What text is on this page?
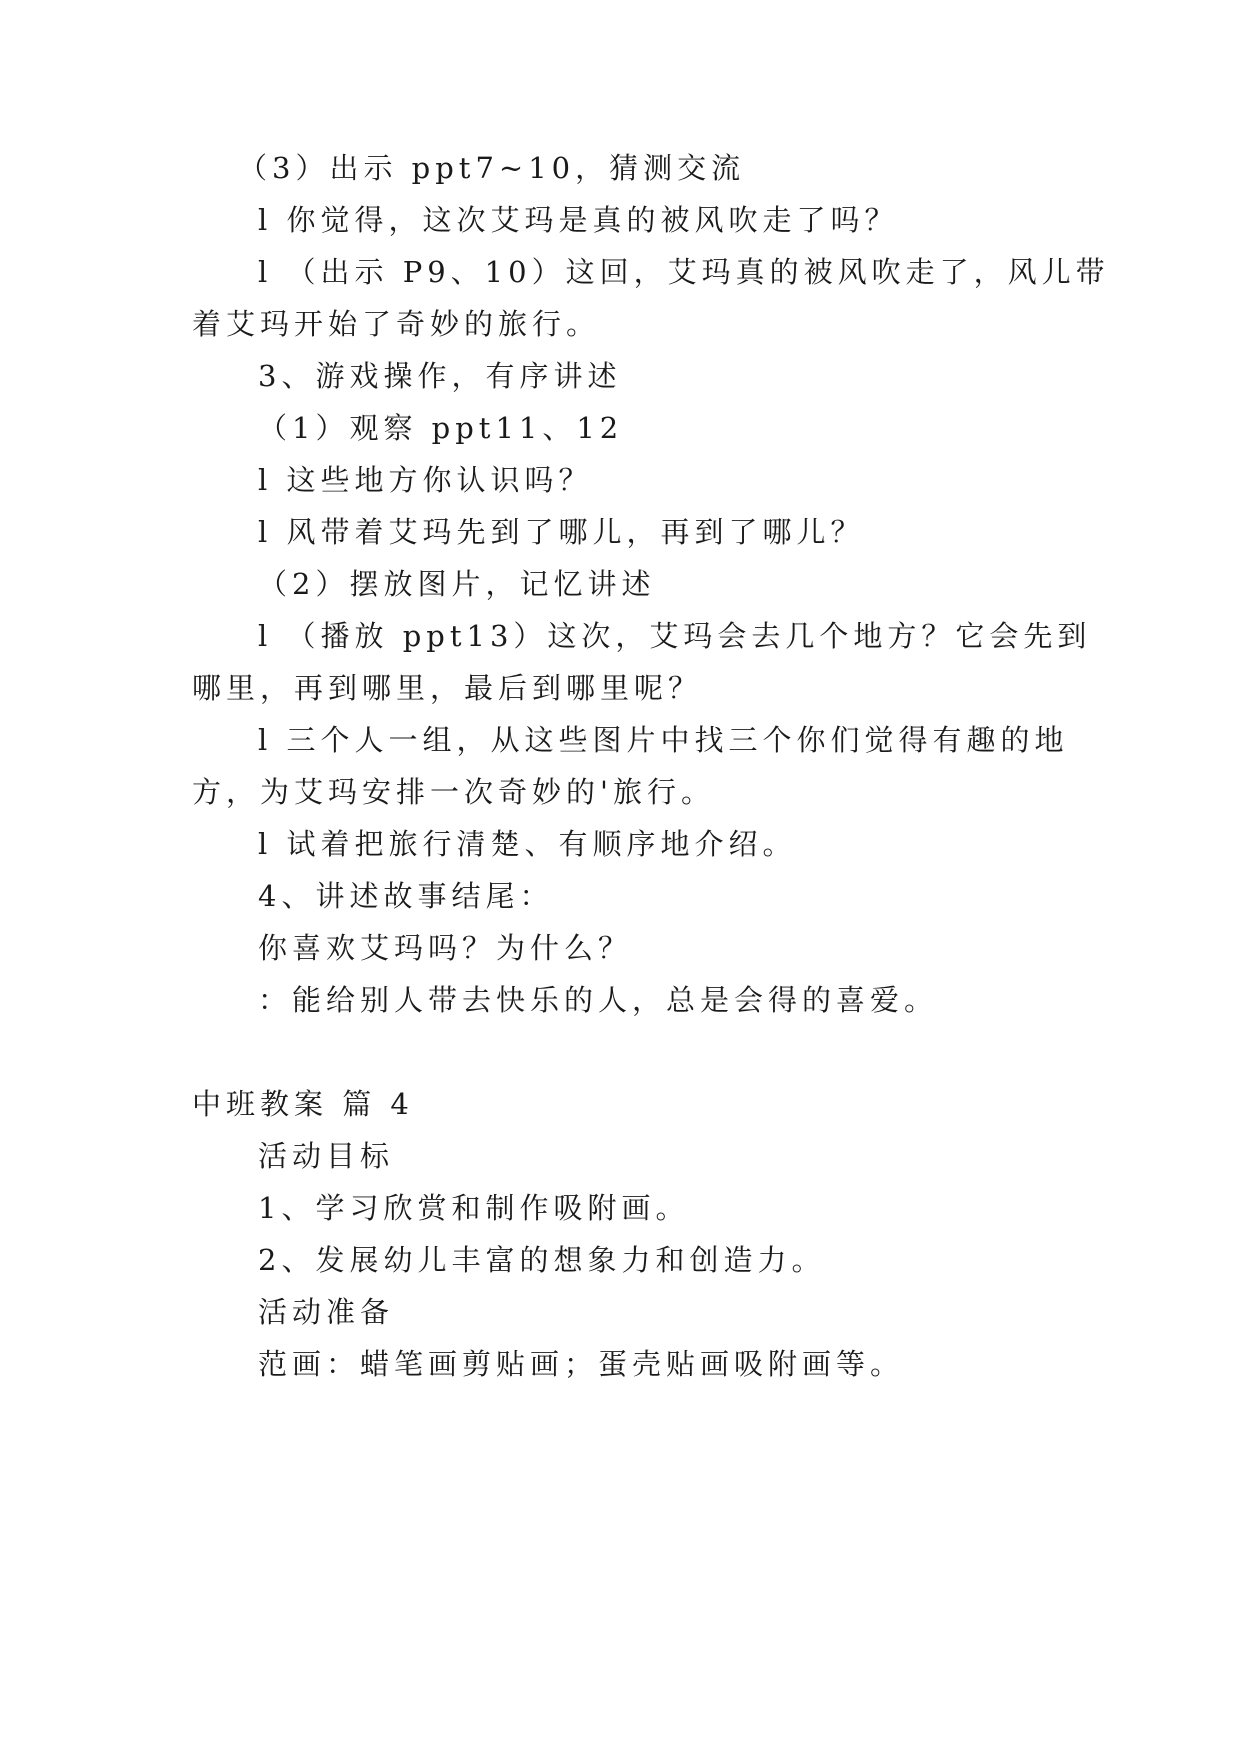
（3）出示 ppt7~10，猜测交流
l 你觉得，这次艾玛是真的被风吹走了吗？
l （出示 P9、10）这回，艾玛真的被风吹走了，风儿带
着艾玛开始了奇妙的旅行。
3、游戏操作，有序讲述
（1）观察 ppt11、12
l 这些地方你认识吗？
l 风带着艾玛先到了哪儿，再到了哪儿？
（2）摆放图片，记忆讲述
l （播放 ppt13）这次，艾玛会去几个地方？它会先到
哪里，再到哪里，最后到哪里呢？
l 三个人一组，从这些图片中找三个你们觉得有趣的地
方，为艾玛安排一次奇妙的'旅行。
l 试着把旅行清楚、有顺序地介绍。
4、讲述故事结尾：
你喜欢艾玛吗？为什么？
：能给别人带去快乐的人，总是会得的喜爱。
中班教案 篇 4
活动目标
1、学习欣赏和制作吸附画。
2、发展幼儿丰富的想象力和创造力。
活动准备
范画：蜡笔画剪贴画；蛋壳贴画吸附画等。
